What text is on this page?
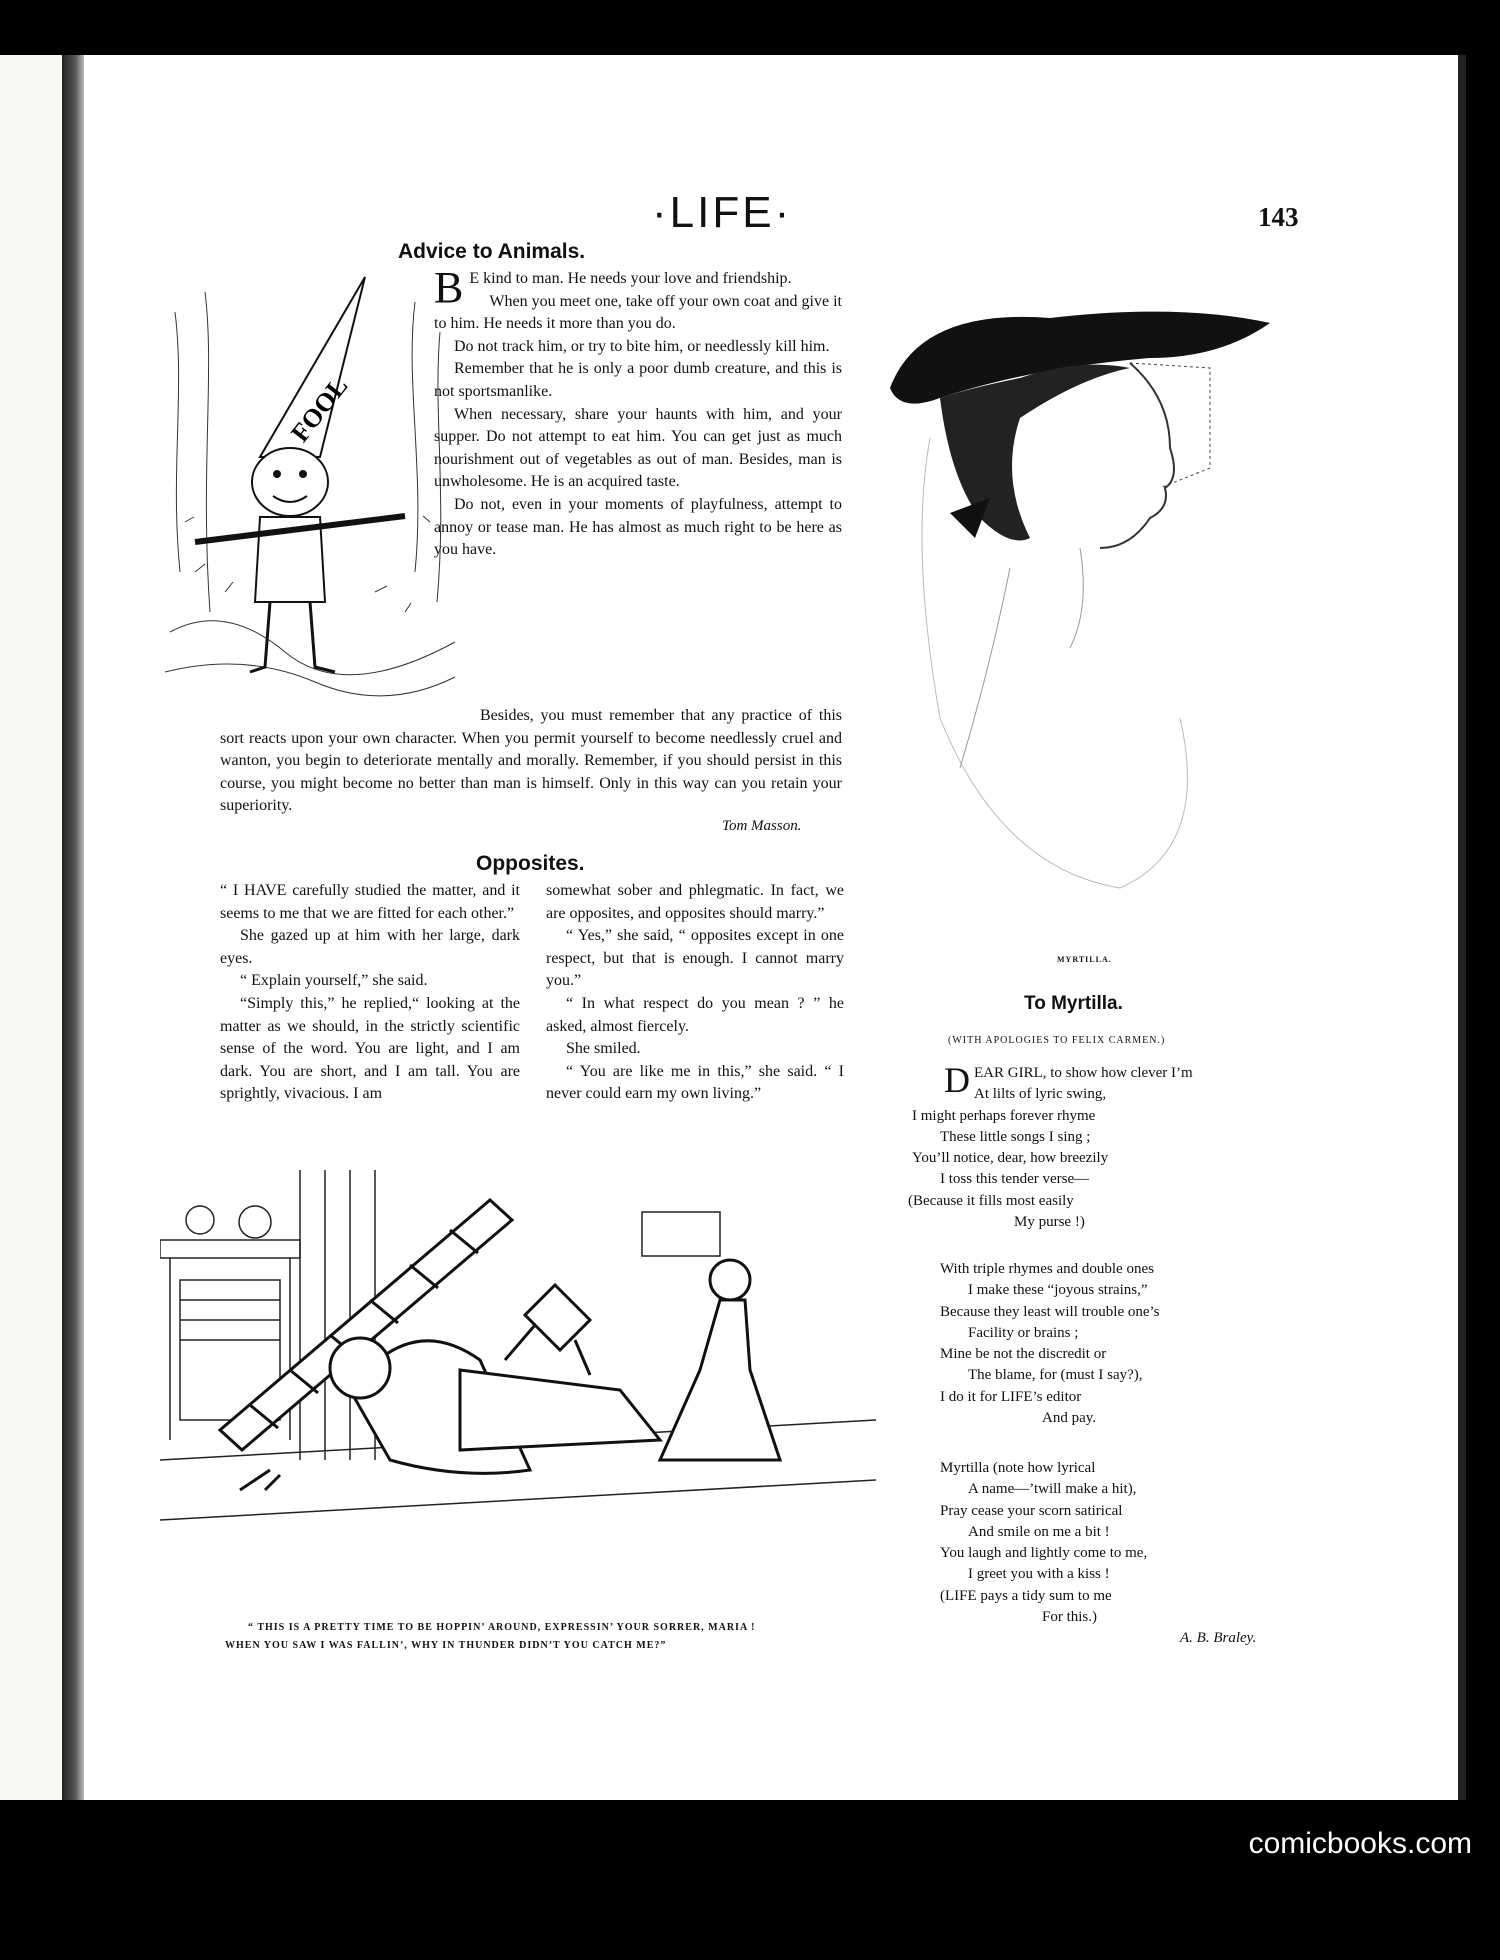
·LIFE·	143
Advice to Animals.
FOOL

B E kind to man. He needs your love and friendship.

When you meet one, take off your own coat and give it to him. He needs it more than you do.

Do not track him, or try to bite him, or needlessly kill him.

Remember that he is only a poor dumb creature, and this is not sportsmanlike.

When necessary, share your haunts with him, and your supper. Do not attempt to eat him. You can get just as much nourishment out of vegetables as out of man. Besides, man is unwholesome. He is an acquired taste.

Do not, even in your moments of playfulness, attempt to annoy or tease man. He has almost as much right to be here as you have.

Besides, you must remember that any practice of this sort reacts upon your own character. When you permit yourself to become needlessly cruel and wanton, you begin to deteriorate mentally and morally. Remember, if you should persist in this course, you might become no better than man is himself. Only in this way can you retain your superiority.

Tom Masson.
Opposites.

“ I HAVE carefully studied the matter, and it seems to me that we are fitted for each other.”

She gazed up at him with her large, dark eyes.

“ Explain yourself,” she said.

“Simply this,” he replied,“ looking at the matter as we should, in the strictly scientific sense of the word. You are light, and I am dark. You are short, and I am tall. You are sprightly, vivacious. I am

somewhat sober and phlegmatic. In fact, we are opposites, and opposites should marry.”

“ Yes,” she said, “ opposites except in one respect, but that is enough. I cannot marry you.”

“ In what respect do you mean ? ” he asked, almost fiercely.

She smiled.

“ You are like me in this,” she said. “ I never could earn my own living.”

“ THIS IS A PRETTY TIME TO BE HOPPIN’ AROUND, EXPRESSIN’ YOUR SORRER, MARIA !
WHEN YOU SAW I WAS FALLIN’, WHY IN THUNDER DIDN’T YOU CATCH ME?”
MYRTILLA.
To Myrtilla.
(WITH APOLOGIES TO FELIX CARMEN.)
D EAR GIRL, to show how clever I’m
At lilts of lyric swing,
I might perhaps forever rhyme
These little songs I sing ;
You’ll notice, dear, how breezily
I toss this tender verse—
(Because it fills most easily
My purse !)
With triple rhymes and double ones
I make these “joyous strains,”
Because they least will trouble one’s
Facility or brains ;
Mine be not the discredit or
The blame, for (must I say?),
I do it for LIFE’s editor
And pay.
Myrtilla (note how lyrical
A name—’twill make a hit),
Pray cease your scorn satirical
And smile on me a bit !
You laugh and lightly come to me,
I greet you with a kiss !
(LIFE pays a tidy sum to me
For this.)
A. B. Braley.
comicbooks.com
